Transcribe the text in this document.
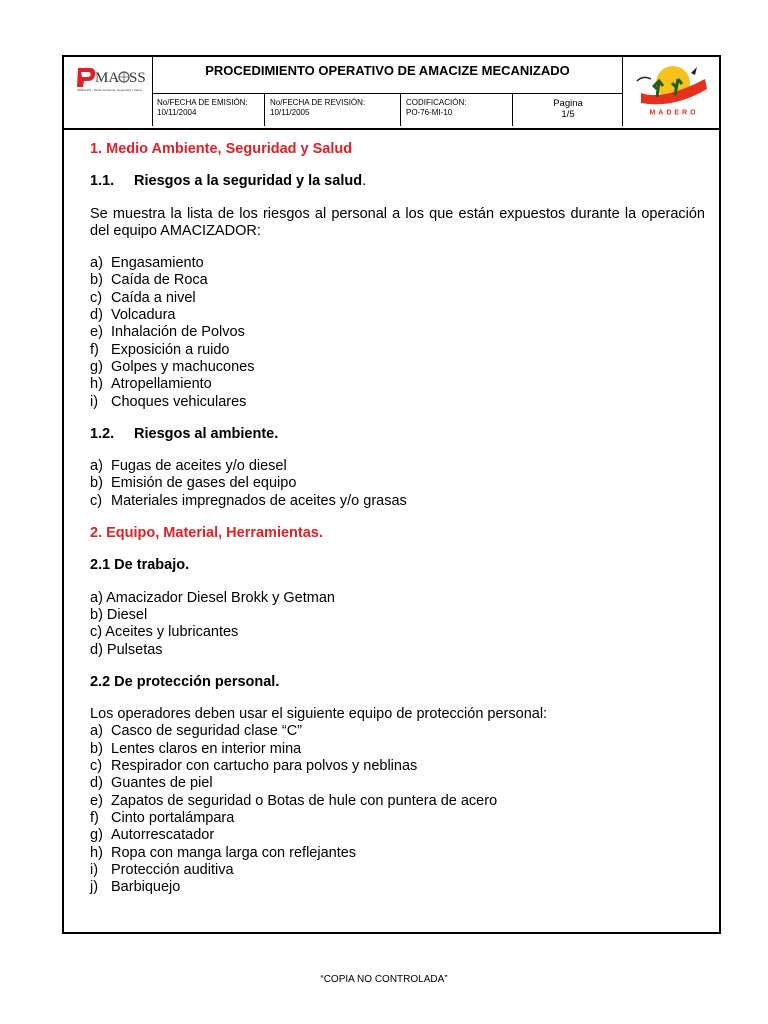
MA SS
PEÑOLES · Medio Ambiente, Seguridad y Salud
PROCEDIMIENTO OPERATIVO DE AMACIZE MECANIZADO
No/FECHA DE EMISIÓN:
10/11/2004
No/FECHA DE REVISIÓN:
10/11/2005
CODIFICACIÓN:
PO-76-MI-10
Pagina
1/5	MADERO

1. Medio Ambiente, Seguridad y Salud

1.1. Riesgos a la seguridad y la salud.

Se muestra la lista de los riesgos al personal a los que están expuestos durante la operación del equipo AMACIZADOR:

a) Engasamiento
b) Caída de Roca
c) Caída a nivel
d) Volcadura
e) Inhalación de Polvos
f) Exposición a ruido
g) Golpes y machucones
h) Atropellamiento
i) Choques vehiculares

1.2. Riesgos al ambiente.

a) Fugas de aceites y/o diesel
b) Emisión de gases del equipo
c) Materiales impregnados de aceites y/o grasas

2. Equipo, Material, Herramientas.

2.1 De trabajo.

a) Amacizador Diesel Brokk y Getman

b) Diesel

c) Aceites y lubricantes

d) Pulsetas

2.2 De protección personal.

Los operadores deben usar el siguiente equipo de protección personal:

a) Casco de seguridad clase “C”
b) Lentes claros en interior mina
c) Respirador con cartucho para polvos y neblinas
d) Guantes de piel
e) Zapatos de seguridad o Botas de hule con puntera de acero
f) Cinto portalámpara
g) Autorrescatador
h) Ropa con manga larga con reflejantes
i) Protección auditiva
j) Barbiquejo
“COPIA NO CONTROLADA”
